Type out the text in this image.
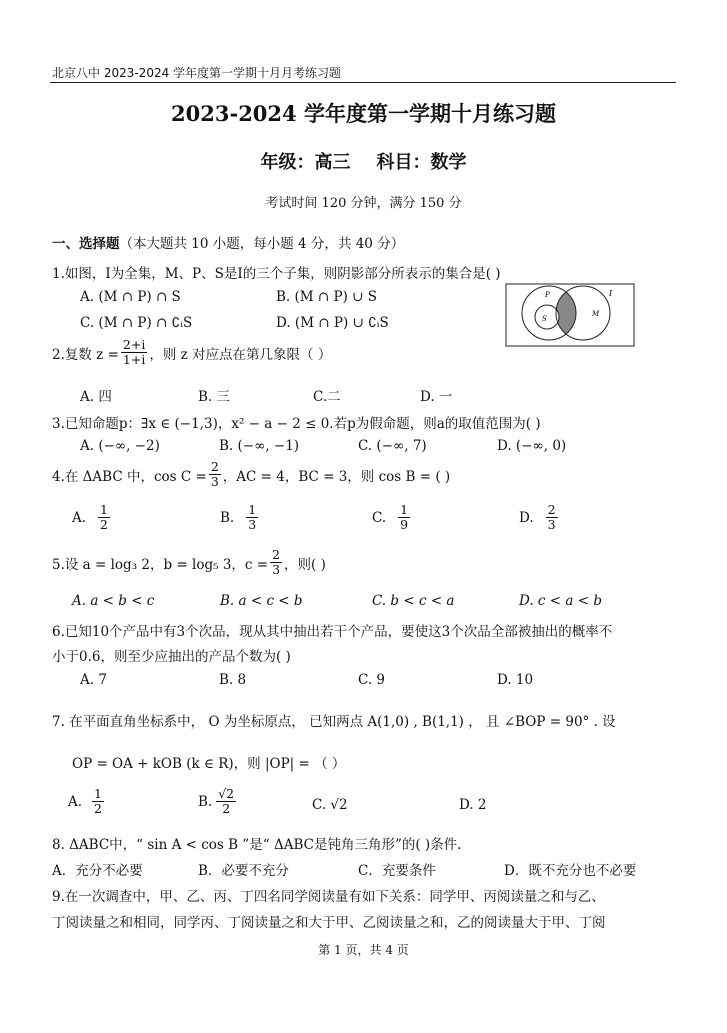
北京八中 2023-2024 学年度第一学期十月月考练习题
2023-2024 学年度第一学期十月练习题
年级：高三 科目：数学
考试时间 120 分钟，满分 150 分
一、选择题（本大题共 10 小题，每小题 4 分，共 40 分）
1.如图，I为全集，M、P、S是I的三个子集，则阴影部分所表示的集合是( )
A. (M ∩ P) ∩ S	B. (M ∩ P) ∪ S
C. (M ∩ P) ∩ ∁ᵢS	D. (M ∩ P) ∪ ∁ᵢS
I
P
S
M
2.复数 $z = \frac{2+i}{1+i}$ ，则 z 对应点在第几象限（ ）
A. 四	B. 三	C.二	D. 一
3.已知命题p：∃x ∈ (−1,3)，x² − a − 2 ≤ 0.若p为假命题，则a的取值范围为( )
A. (−∞, −2)	B. (−∞, −1)	C. (−∞, 7)	D. (−∞, 0)
4.在 ΔABC 中，$\cos C = \frac{2}{3}$ ，AC = 4，BC = 3，则 cos B = ( )
A. $\frac{1}{2}$	B. $\frac{1}{3}$	C. $\frac{1}{9}$	D. $\frac{2}{3}$
5.设 a = log₃ 2，b = log₅ 3，$c = \frac{2}{3}$ ，则( )
A. a < b < c	B. a < c < b	C. b < c < a	D. c < a < b
6.已知10个产品中有3个次品，现从其中抽出若干个产品，要使这3个次品全部被抽出的概率不
小于0.6，则至少应抽出的产品个数为( )
A. 7	B. 8	C. 9	D. 10
7. 在平面直角坐标系中， O 为坐标原点， 已知两点 A(1,0) , B(1,1) ， 且 ∠BOP = 90° . 设
OP = OA + kOB (k ∈ R)，则 |OP| = （ ）
A. $\frac{1}{2}$	B. $\frac{√2}{2}$	C. √2	D. 2
8. ΔABC中，“ sin A < cos B ”是“ ΔABC是钝角三角形”的( )条件.
A．充分不必要	B．必要不充分	C．充要条件	D．既不充分也不必要
9.在一次调查中，甲、乙、丙、丁四名同学阅读量有如下关系：同学甲、丙阅读量之和与乙、
丁阅读量之和相同，同学丙、丁阅读量之和大于甲、乙阅读量之和，乙的阅读量大于甲、丁阅
第 1 页，共 4 页
